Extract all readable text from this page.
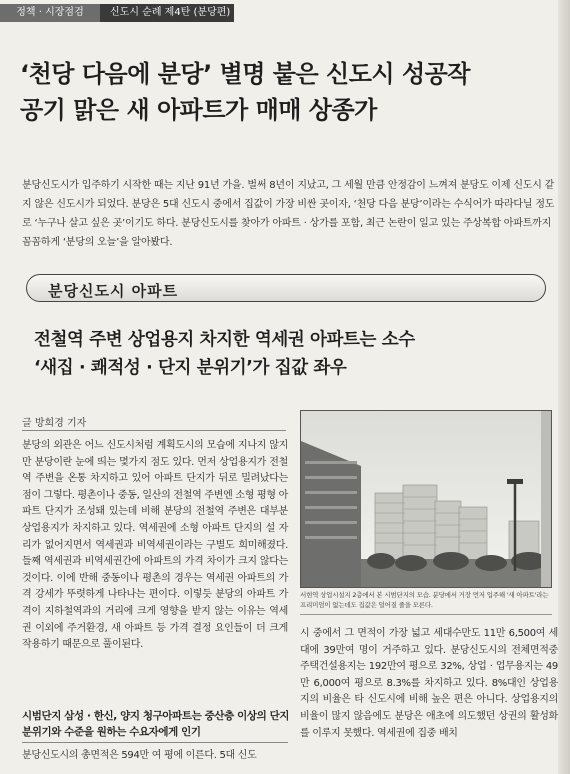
정책 · 시장점검	신도시 순례 제4탄 (분당편)
‘천당 다음에 분당’ 별명 붙은 신도시 성공작
공기 맑은 새 아파트가 매매 상종가
분당신도시가 입주하기 시작한 때는 지난 91년 가을. 벌써 8년이 지났고, 그 세월 만큼 안정감이 느껴져 분당도 이제 신도시 같지 않은 신도시가 되었다. 분당은 5대 신도시 중에서 집값이 가장 비싼 곳이자, ‘천당 다음 분당’이라는 수식어가 따라다닐 정도로 ‘누구나 살고 싶은 곳’이기도 하다. 분당신도시를 찾아가 아파트 · 상가를 포함, 최근 논란이 일고 있는 주상복합 아파트까지 꼼꼼하게 ‘분당의 오늘’을 알아봤다.
분당신도시 아파트
전철역 주변 상업용지 차지한 역세권 아파트는 소수
‘새집 · 쾌적성 · 단지 분위기’가 집값 좌우
글 방희경 기자
분당의 외관은 어느 신도시처럼 계획도시의 모습에 지나지 않지만 분당이란 눈에 띄는 몇가지 점도 있다. 먼저 상업용지가 전철역 주변을 온통 차지하고 있어 아파트 단지가 뒤로 밀려났다는 점이 그렇다. 평촌이나 중동, 일산의 전철역 주변엔 소형 평형 아파트 단지가 조성돼 있는데 비해 분당의 전철역 주변은 대부분 상업용지가 차지하고 있다. 역세권에 소형 아파트 단지의 설 자리가 없어지면서 역세권과 비역세권이라는 구별도 희미해졌다. 들째 역세권과 비역세권간에 아파트의 가격 차이가 크지 않다는 것이다. 이에 반해 중동이나 평촌의 경우는 역세권 아파트의 가격 강세가 뚜렷하게 나타나는 편이다. 이렇듯 분당의 아파트 가격이 지하철역과의 거리에 크게 영향을 받지 않는 이유는 역세권 이외에 주거환경, 새 아파트 등 가격 결정 요인들이 더 크게 작용하기 때문으로 풀이된다.
시범단지 삼성 · 한신, 양지 청구아파트는 중산층 이상의 단지 분위기와 수준을 원하는 수요자에게 인기
분당신도시의 총면적은 594만 여 평에 이른다. 5대 신도
서현역 상업시설지 2층에서 본 시범단지의 모습. 분당에서 거장 먼저 입주해 '새 아파트'라는 프리미엄이 없는데도 집값은 덜어질 줄을 모른다.
시 중에서 그 면적이 가장 넓고 세대수만도 11만 6,500여 세대에 39만여 명이 거주하고 있다. 분당신도시의 전체면적중 주택건설용지는 192만여 평으로 32%, 상업 · 업무용지는 49만 6,000여 평으로 8.3%를 차지하고 있다. 8%대인 상업용지의 비율은 타 신도시에 비해 높은 편은 아니다. 상업용지의 비율이 많지 않음에도 분당은 애초에 의도했던 상권의 활성화를 이루지 못했다. 역세권에 집중 배치
